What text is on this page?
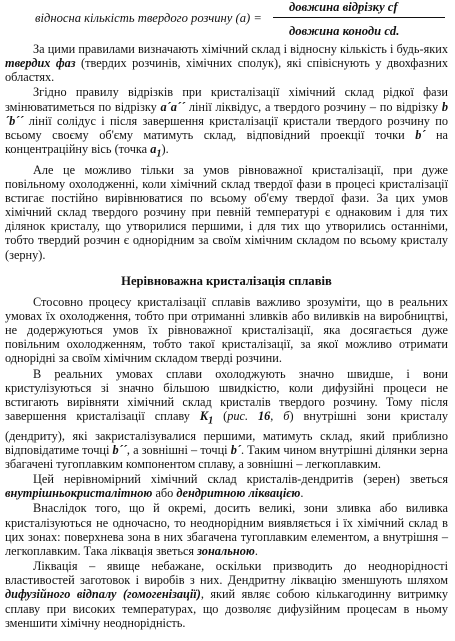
відносна кількість твердого розчину (a) =
довжина відрізку cf
довжина коноди cd.

За цими правилами визначають хімічний склад і відносну кількість і будь-яких твердих фаз (твердих розчинів, хімічних сполук), які співіснують у двохфазних областях.

Згідно правилу відрізків при кристалізації хімічний склад рідкої фази змінюватиметься по відрізку a´a´´ лінії ліквідус, а твердого розчину – по відрізку b´b´´ лінії солідус і після завершення кристалізації кристали твердого розчину по всьому своєму об'єму матимуть склад, відповідний проекції точки b´ на концентраційну вісь (точка $a_1$).

Але це можливо тільки за умов рівноважної кристалізації, при дуже повільному охолодженні, коли хімічний склад твердої фази в процесі кристалізації встигає постійно вирівнюватися по всьому об'єму твердої фази. За цих умов хімічний склад твердого розчину при певній температурі є однаковим і для тих ділянок кристалу, що утворилися першими, і для тих що утворились останніми, тобто твердий розчин є однорідним за своїм хімічним складом по всьому кристалу (зерну).

Нерівноважна кристалізація сплавів

Стосовно процесу кристалізації сплавів важливо зрозуміти, що в реальних умовах їх охолодження, тобто при отриманні зливків або виливків на виробництві, не додержуються умов їх рівноважної кристалізації, яка досягається дуже повільним охолодженням, тобто такої кристалізації, за якої можливо отримати однорідні за своїм хімічним складом тверді розчини.

В реальних умовах сплави охолоджують значно швидше, і вони кристулізуються зі значно більшою швидкістю, коли дифузійні процеси не встигають вирівняти хімічний склад кристалів твердого розчину. Тому після завершення кристалізації сплаву $K_1$ (рис. 16, б) внутрішні зони кристалу (дендриту), які закристалізувалися першими, матимуть склад, який приблизно відповідатиме точці b´´, а зовнішні – точці b´. Таким чином внутрішні ділянки зерна збагачені тугоплавким компонентом сплаву, а зовнішні – легкоплавким.

Цей нерівномірний хімічний склад кристалів-дендритів (зерен) зветься внутрішньокристалітною або дендритною ліквацією.

Внаслідок того, що й окремі, досить великі, зони зливка або виливка кристалізуються не одночасно, то неоднорідним виявляється і їх хімічний склад в цих зонах: поверхнева зона в них збагачена тугоплавким елементом, а внутрішня – легкоплавким. Така ліквація зветься зональною.

Ліквація – явище небажане, оскільки призводить до неоднорідності властивостей заготовок і виробів з них. Дендритну ліквацію зменшують шляхом дифузійного відпалу (гомогенізації), який являє собою кількагодинну витримку сплаву при високих температурах, що дозволяє дифузійним процесам в ньому зменшити хімічну неоднорідність.
